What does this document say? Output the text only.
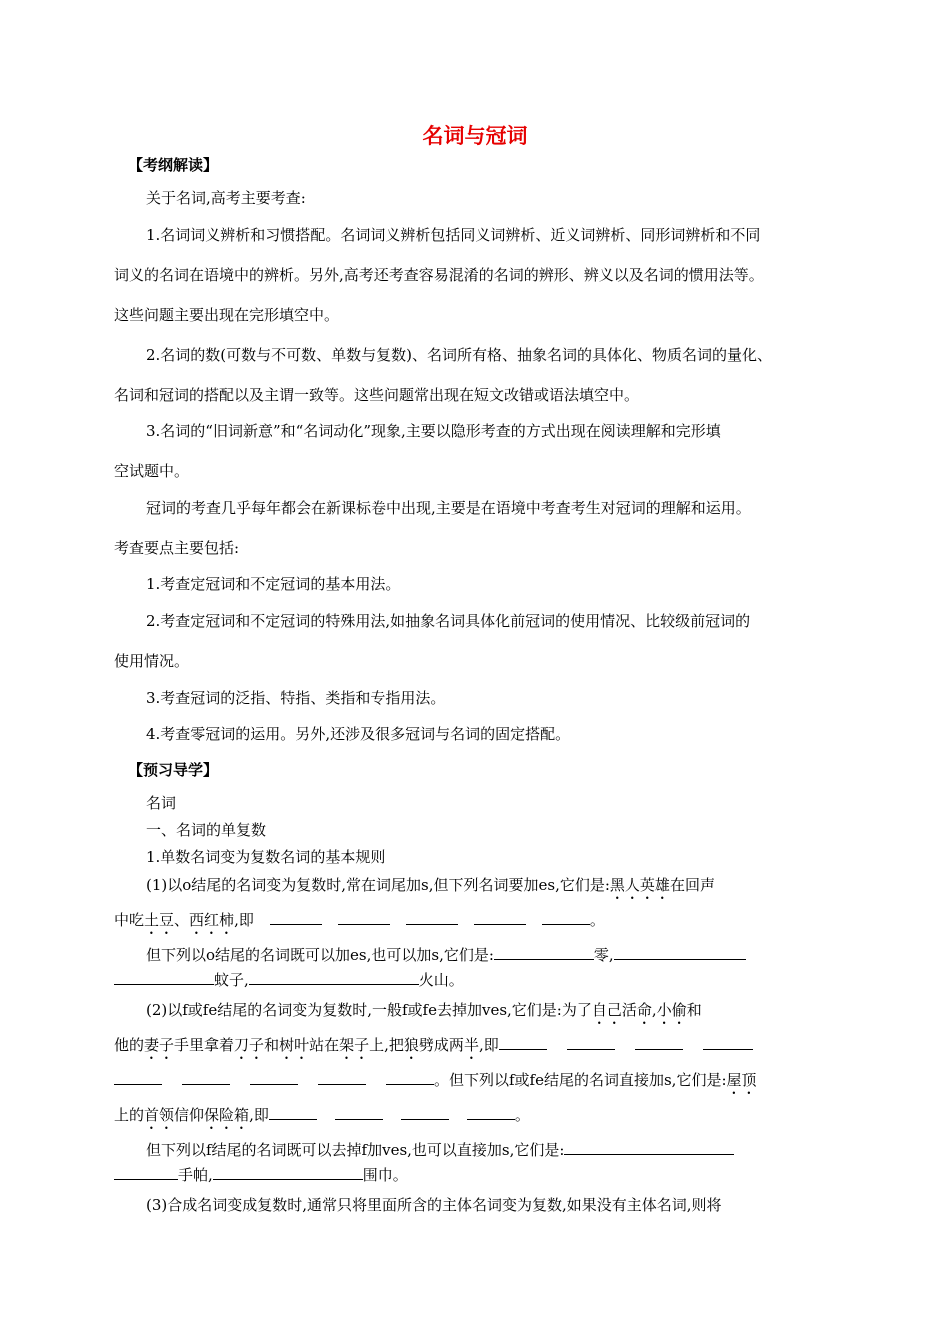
名词与冠词
【考纲解读】
关于名词,高考主要考查:
1.名词词义辨析和习惯搭配。名词词义辨析包括同义词辨析、近义词辨析、同形词辨析和不同
词义的名词在语境中的辨析。另外,高考还考查容易混淆的名词的辨形、辨义以及名词的惯用法等。
这些问题主要出现在完形填空中。
2.名词的数(可数与不可数、单数与复数)、名词所有格、抽象名词的具体化、物质名词的量化、
名词和冠词的搭配以及主谓一致等。这些问题常出现在短文改错或语法填空中。
3.名词的“旧词新意”和“名词动化”现象,主要以隐形考查的方式出现在阅读理解和完形填
空试题中。
冠词的考查几乎每年都会在新课标卷中出现,主要是在语境中考查考生对冠词的理解和运用。
考查要点主要包括:
1.考查定冠词和不定冠词的基本用法。
2.考查定冠词和不定冠词的特殊用法,如抽象名词具体化前冠词的使用情况、比较级前冠词的
使用情况。
3.考查冠词的泛指、特指、类指和专指用法。
4.考查零冠词的运用。另外,还涉及很多冠词与名词的固定搭配。
【预习导学】
名词
一、名词的单复数
1.单数名词变为复数名词的基本规则
(1)以o结尾的名词变为复数时,常在词尾加s,但下列名词要加es,它们是:黑人英雄在回声
中吃土豆、西红柿,即	。
但下列以o结尾的名词既可以加es,也可以加s,它们是:	零,
蚊子,	火山。
(2)以f或fe结尾的名词变为复数时,一般f或fe去掉加ves,它们是:为了自己活命,小偷和
他的妻子手里拿着刀子和树叶站在架子上,把狼劈成两半,即
。但下列以f或fe结尾的名词直接加s,它们是:屋顶
上的首领信仰保险箱,即	。
但下列以f结尾的名词既可以去掉f加ves,也可以直接加s,它们是:
手帕,	围巾。
(3)合成名词变成复数时,通常只将里面所含的主体名词变为复数,如果没有主体名词,则将
